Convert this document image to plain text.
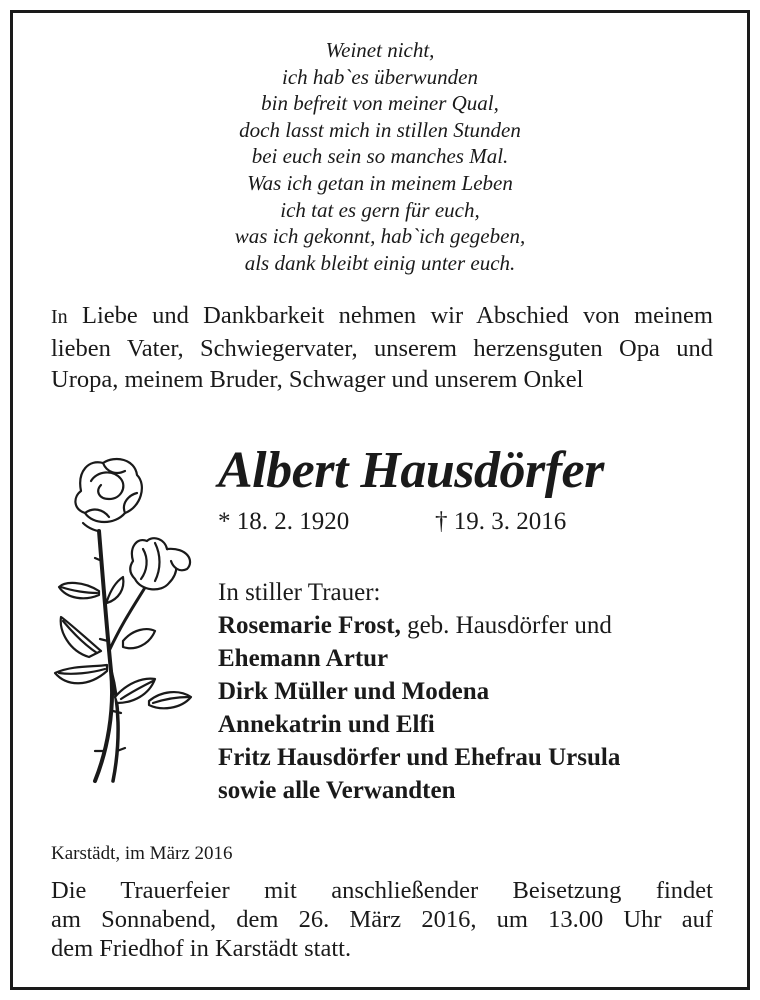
Weinet nicht,
ich hab`es überwunden
bin befreit von meiner Qual,
doch lasst mich in stillen Stunden
bei euch sein so manches Mal.
Was ich getan in meinem Leben
ich tat es gern für euch,
was ich gekonnt, hab`ich gegeben,
als dank bleibt einig unter euch.
In Liebe und Dankbarkeit nehmen wir Abschied von meinem lieben Vater, Schwiegervater, unserem herzensguten Opa und Uropa, meinem Bruder, Schwager und unserem Onkel
Albert Hausdörfer
* 18. 2. 1920	† 19. 3. 2016
In stiller Trauer:
Rosemarie Frost, geb. Hausdörfer und
Ehemann Artur
Dirk Müller und Modena
Annekatrin und Elfi
Fritz Hausdörfer und Ehefrau Ursula
sowie alle Verwandten
Karstädt, im März 2016
Die Trauerfeier mit anschließender Beisetzung findet
am Sonnabend, dem 26. März 2016, um 13.00 Uhr auf
dem Friedhof in Karstädt statt.
